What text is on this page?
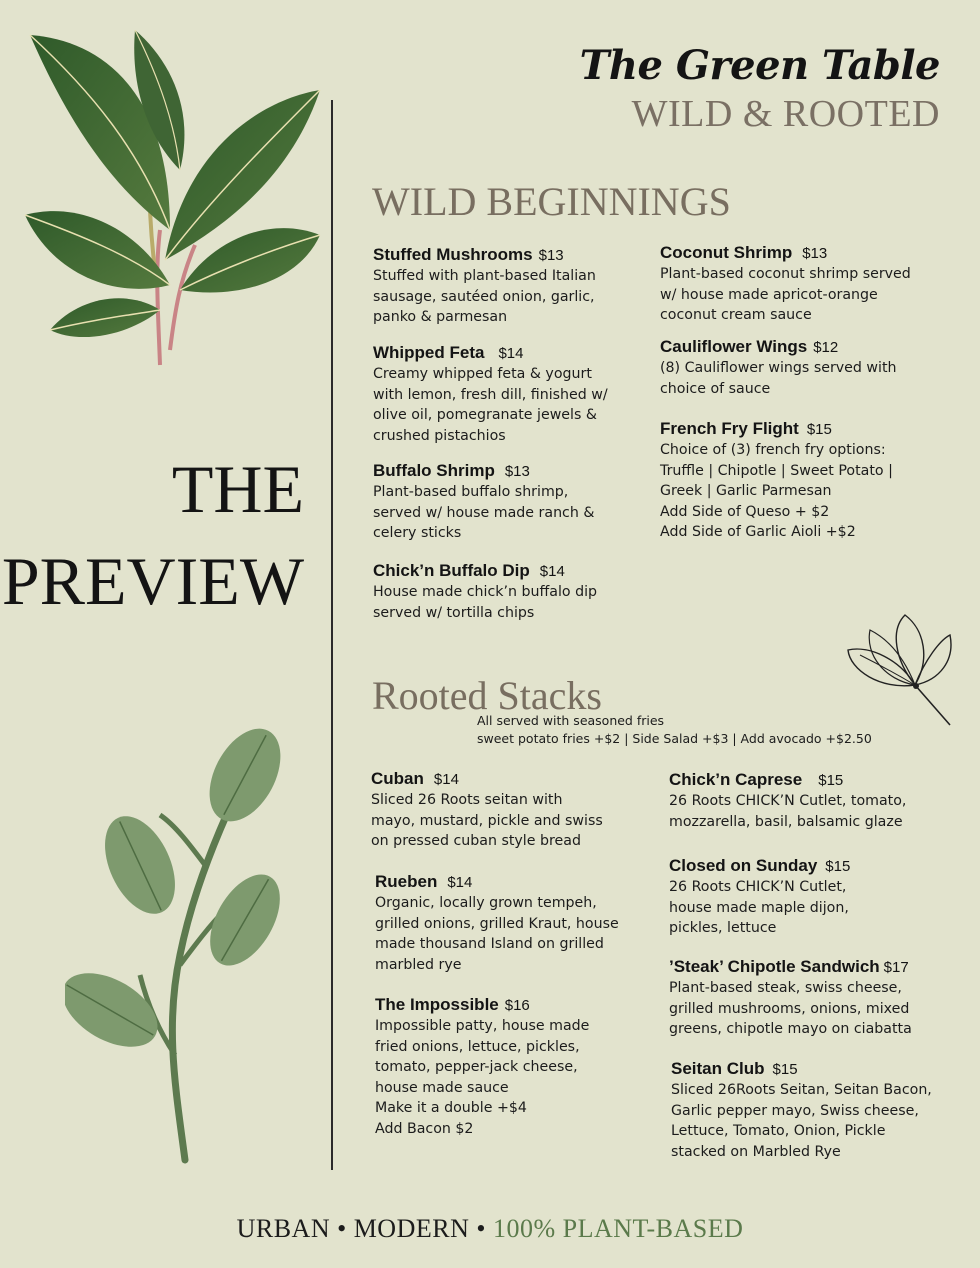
The Green Table
WILD & ROOTED
THE
PREVIEW
WILD BEGINNINGS
Stuffed Mushrooms $13
Stuffed with plant-based Italian
sausage, sautéed onion, garlic,
panko & parmesan
Whipped Feta $14
Creamy whipped feta & yogurt
with lemon, fresh dill, finished w/
olive oil, pomegranate jewels &
crushed pistachios
Buffalo Shrimp $13
Plant-based buffalo shrimp,
served w/ house made ranch &
celery sticks
Chick’n Buffalo Dip $14
House made chick’n buffalo dip
served w/ tortilla chips
Coconut Shrimp $13
Plant-based coconut shrimp served
w/ house made apricot-orange
coconut cream sauce
Cauliflower Wings $12
(8) Cauliflower wings served with
choice of sauce
French Fry Flight $15
Choice of (3) french fry options:
Truffle | Chipotle | Sweet Potato |
Greek | Garlic Parmesan
Add Side of Queso + $2
Add Side of Garlic Aioli +$2
Rooted Stacks
All served with seasoned fries
sweet potato fries +$2 | Side Salad +$3 | Add avocado +$2.50
Cuban $14
Sliced 26 Roots seitan with
mayo, mustard, pickle and swiss
on pressed cuban style bread
Rueben $14
Organic, locally grown tempeh,
grilled onions, grilled Kraut, house
made thousand Island on grilled
marbled rye
The Impossible $16
Impossible patty, house made
fried onions, lettuce, pickles,
tomato, pepper-jack cheese,
house made sauce
Make it a double +$4
Add Bacon $2
Chick’n Caprese $15
26 Roots CHICK’N Cutlet, tomato,
mozzarella, basil, balsamic glaze
Closed on Sunday $15
26 Roots CHICK’N Cutlet,
house made maple dijon,
pickles, lettuce
’Steak’ Chipotle Sandwich $17
Plant-based steak, swiss cheese,
grilled mushrooms, onions, mixed
greens, chipotle mayo on ciabatta
Seitan Club $15
Sliced 26Roots Seitan, Seitan Bacon,
Garlic pepper mayo, Swiss cheese,
Lettuce, Tomato, Onion, Pickle
stacked on Marbled Rye
URBAN • MODERN • 100% PLANT-BASED
